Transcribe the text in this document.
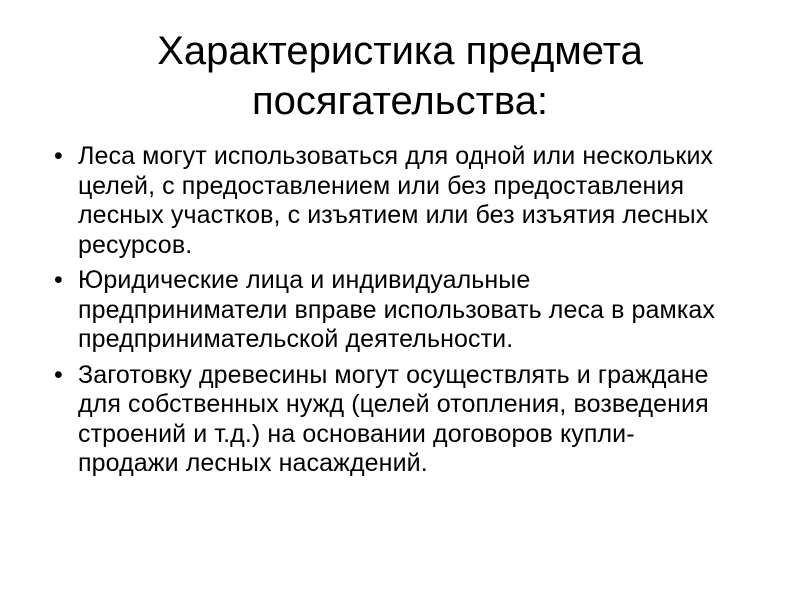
Характеристика предмета
посягательства:
• Леса могут использоваться для одной или нескольких
целей, с предоставлением или без предоставления
лесных участков, с изъятием или без изъятия лесных
ресурсов.
• Юридические лица и индивидуальные
предприниматели вправе использовать леса в рамках
предпринимательской деятельности.
• Заготовку древесины могут осуществлять и граждане
для собственных нужд (целей отопления, возведения
строений и т.д.) на основании договоров купли-
продажи лесных насаждений.
